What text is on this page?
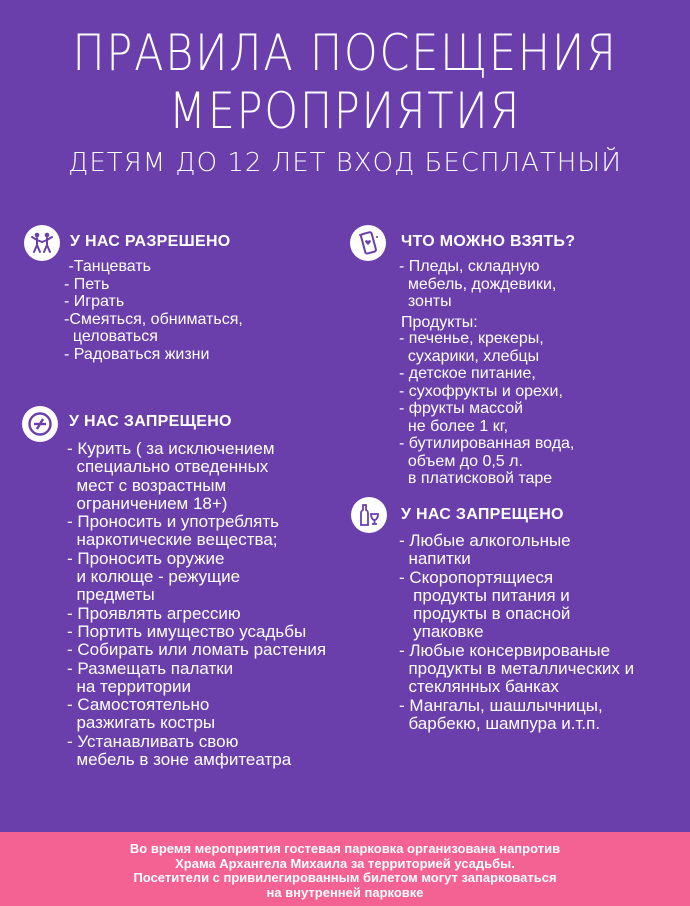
ПРАВИЛА ПОСЕЩЕНИЯ
МЕРОПРИЯТИЯ
ДЕТЯМ ДО 12 ЛЕТ ВХОД БЕСПЛАТНЫЙ
У НАС РАЗРЕШЕНО
-Танцевать
- Петь
- Играть
-Смеяться, обниматься,
целоваться
- Радоваться жизни
У НАС ЗАПРЕЩЕНО
- Курить ( за исключением
специально отведенных
мест с возрастным
ограничением 18+)
- Проносить и употреблять
наркотические вещества;
- Проносить оружие
и колюще - режущие
предметы
- Проявлять агрессию
- Портить имущество усадьбы
- Собирать или ломать растения
- Размещать палатки
на территории
- Самостоятельно
разжигать костры
- Устанавливать свою
мебель в зоне амфитеатра
ЧТО МОЖНО ВЗЯТЬ?
- Пледы, складную
мебель, дождевики,
зонты
Продукты:
- печенье, крекеры,
сухарики, хлебцы
- детское питание,
- сухофрукты и орехи,
- фрукты массой
не более 1 кг,
- бутилированная вода,
объем до 0,5 л.
в платисковой таре
У НАС ЗАПРЕЩЕНО
- Любые алкогольные
напитки
- Скоропортящиеся
продукты питания и
продукты в опасной
упаковке
- Любые консервированые
продукты в металлических и
стеклянных банках
- Мангалы, шашлычницы,
барбекю, шампура и.т.п.
Во время мероприятия гостевая парковка организована напротив
Храма Архангела Михаила за территорией усадьбы.
Посетители с привилегированным билетом могут запарковаться
на внутренней парковке
